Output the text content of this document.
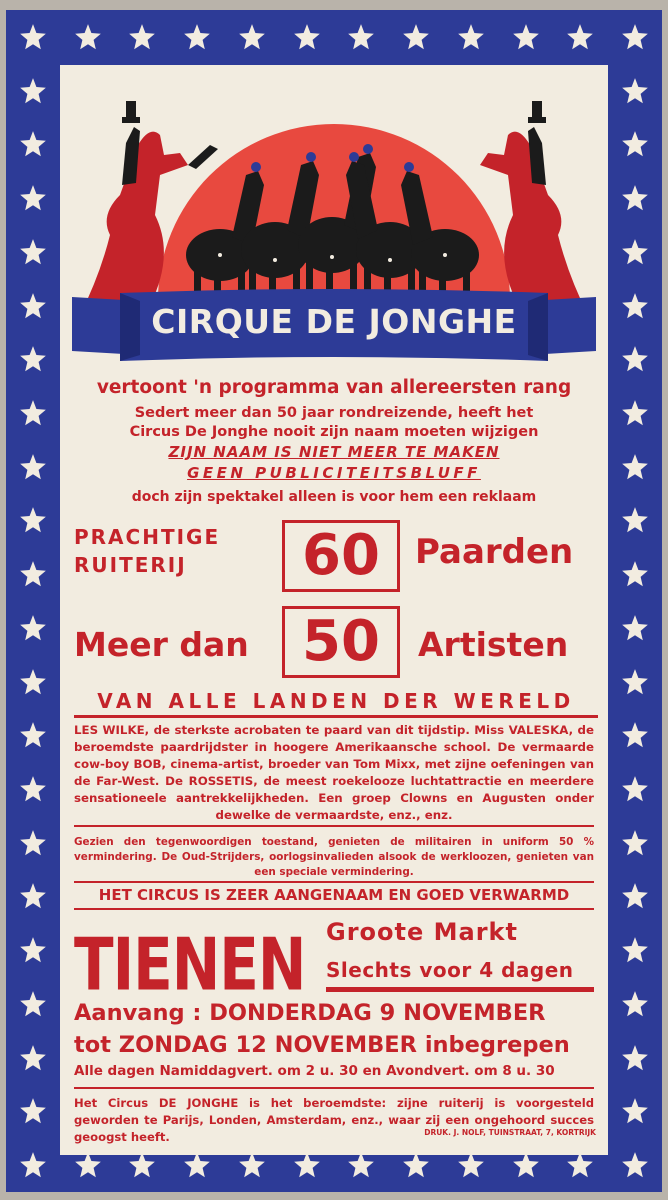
CIRQUE DE JONGHE
vertoont 'n programma van allereersten rang
Sedert meer dan 50 jaar rondreizende, heeft het
Circus De Jonghe nooit zijn naam moeten wijzigen
ZIJN NAAM IS NIET MEER TE MAKEN
GEEN PUBLICITEITSBLUFF
doch zijn spektakel alleen is voor hem een reklaam
PRACHTIGE
RUITERIJ	60	Paarden
Meer dan 50	Artisten
VAN ALLE LANDEN DER WERELD
LES WILKE, de sterkste acrobaten te paard van dit tijdstip. Miss VALESKA, de beroemdste paardrijdster in hoogere Amerikaansche school. De vermaarde cow-boy BOB, cinema-artist, broeder van Tom Mixx, met zijne oefeningen van de Far-West. De ROSSETIS, de meest roekelooze luchtattractie en meerdere sensationeele aantrekkelijkheden. Een groep Clowns en Augusten onder dewelke de vermaardste, enz., enz.
Gezien den tegenwoordigen toestand, genieten de militairen in uniform 50 % vermindering. De Oud-Strijders, oorlogsinvalieden alsook de werkloozen, genieten van een speciale vermindering.
HET CIRCUS IS ZEER AANGENAAM EN GOED VERWARMD
TIENEN Groote Markt
Slechts voor 4 dagen
Aanvang : DONDERDAG 9 NOVEMBER
tot ZONDAG 12 NOVEMBER inbegrepen
Alle dagen Namiddagvert. om 2 u. 30 en Avondvert. om 8 u. 30
Het Circus DE JONGHE is het beroemdste: zijne ruiterij is voorgesteld geworden te Parijs, Londen, Amsterdam, enz., waar zij een ongehoord succes geoogst heeft.	DRUK. J. NOLF, TUINSTRAAT, 7, KORTRIJK
